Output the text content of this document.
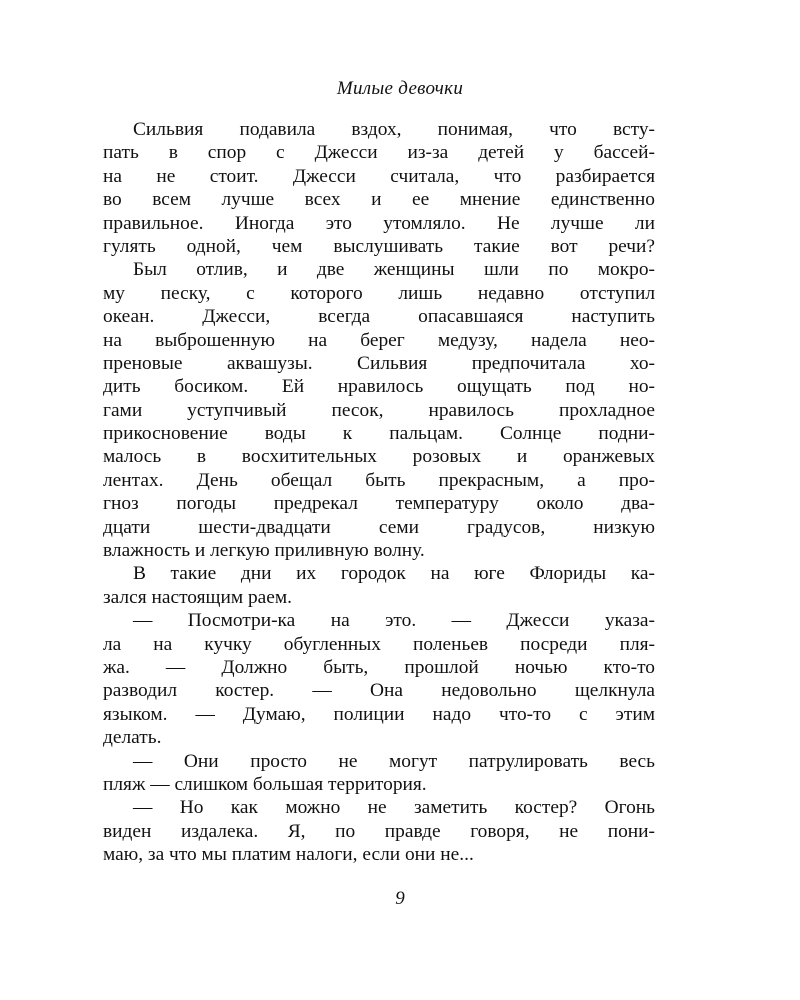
Милые девочки
Сильвия подавила вздох, понимая, что всту-
пать в спор с Джесси из-за детей у бассей-
на не стоит. Джесси считала, что разбирается
во всем лучше всех и ее мнение единственно
правильное. Иногда это утомляло. Не лучше ли
гулять одной, чем выслушивать такие вот речи?
Был отлив, и две женщины шли по мокро-
му песку, с которого лишь недавно отступил
океан. Джесси, всегда опасавшаяся наступить
на выброшенную на берег медузу, надела нео-
преновые аквашузы. Сильвия предпочитала хо-
дить босиком. Ей нравилось ощущать под но-
гами уступчивый песок, нравилось прохладное
прикосновение воды к пальцам. Солнце подни-
малось в восхитительных розовых и оранжевых
лентах. День обещал быть прекрасным, а про-
гноз погоды предрекал температуру около два-
дцати шести-двадцати семи градусов, низкую
влажность и легкую приливную волну.
В такие дни их городок на юге Флориды ка-
зался настоящим раем.
— Посмотри-ка на это. — Джесси указа-
ла на кучку обугленных поленьев посреди пля-
жа. — Должно быть, прошлой ночью кто-то
разводил костер. — Она недовольно щелкнула
языком. — Думаю, полиции надо что-то с этим
делать.
— Они просто не могут патрулировать весь
пляж — слишком большая территория.
— Но как можно не заметить костер? Огонь
виден издалека. Я, по правде говоря, не пони-
маю, за что мы платим налоги, если они не...
9
